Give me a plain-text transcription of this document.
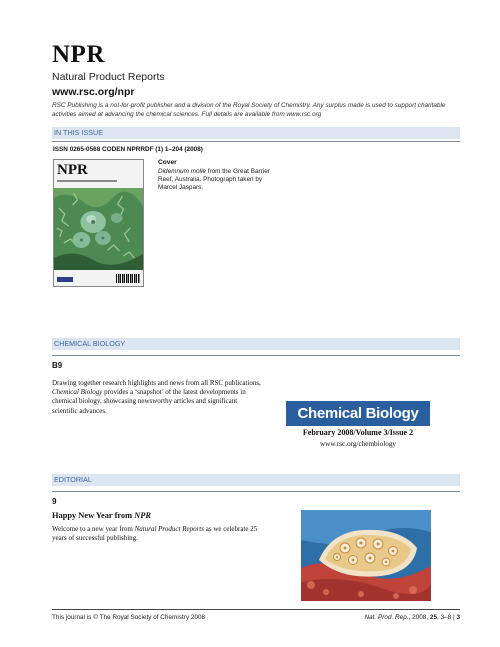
NPR
Natural Product Reports
www.rsc.org/npr
RSC Publishing is a not-for-profit publisher and a division of the Royal Society of Chemistry. Any surplus made is used to support charitable activities aimed at advancing the chemical sciences. Full details are available from www.rsc.org
IN THIS ISSUE
ISSN 0265-0568 CODEN NPRRDF (1) 1–204 (2008)
NPR	Cover
Didemnum molle from the Great Barrier Reef, Australia. Photograph taken by Marcel Jaspars.
CHEMICAL BIOLOGY
B9
Drawing together research highlights and news from all RSC publications, Chemical Biology provides a ‘snapshot’ of the latest developments in chemical biology, showcasing newsworthy articles and significant scientific advances.	Chemical Biology
February 2008/Volume 3/Issue 2
www.rsc.org/chembiology
EDITORIAL
9
Happy New Year from NPR
Welcome to a new year from Natural Product Reports as we celebrate 25 years of successful publishing.
This journal is © The Royal Society of Chemistry 2008	Nat. Prod. Rep., 2008, 25, 3–8 | 3
